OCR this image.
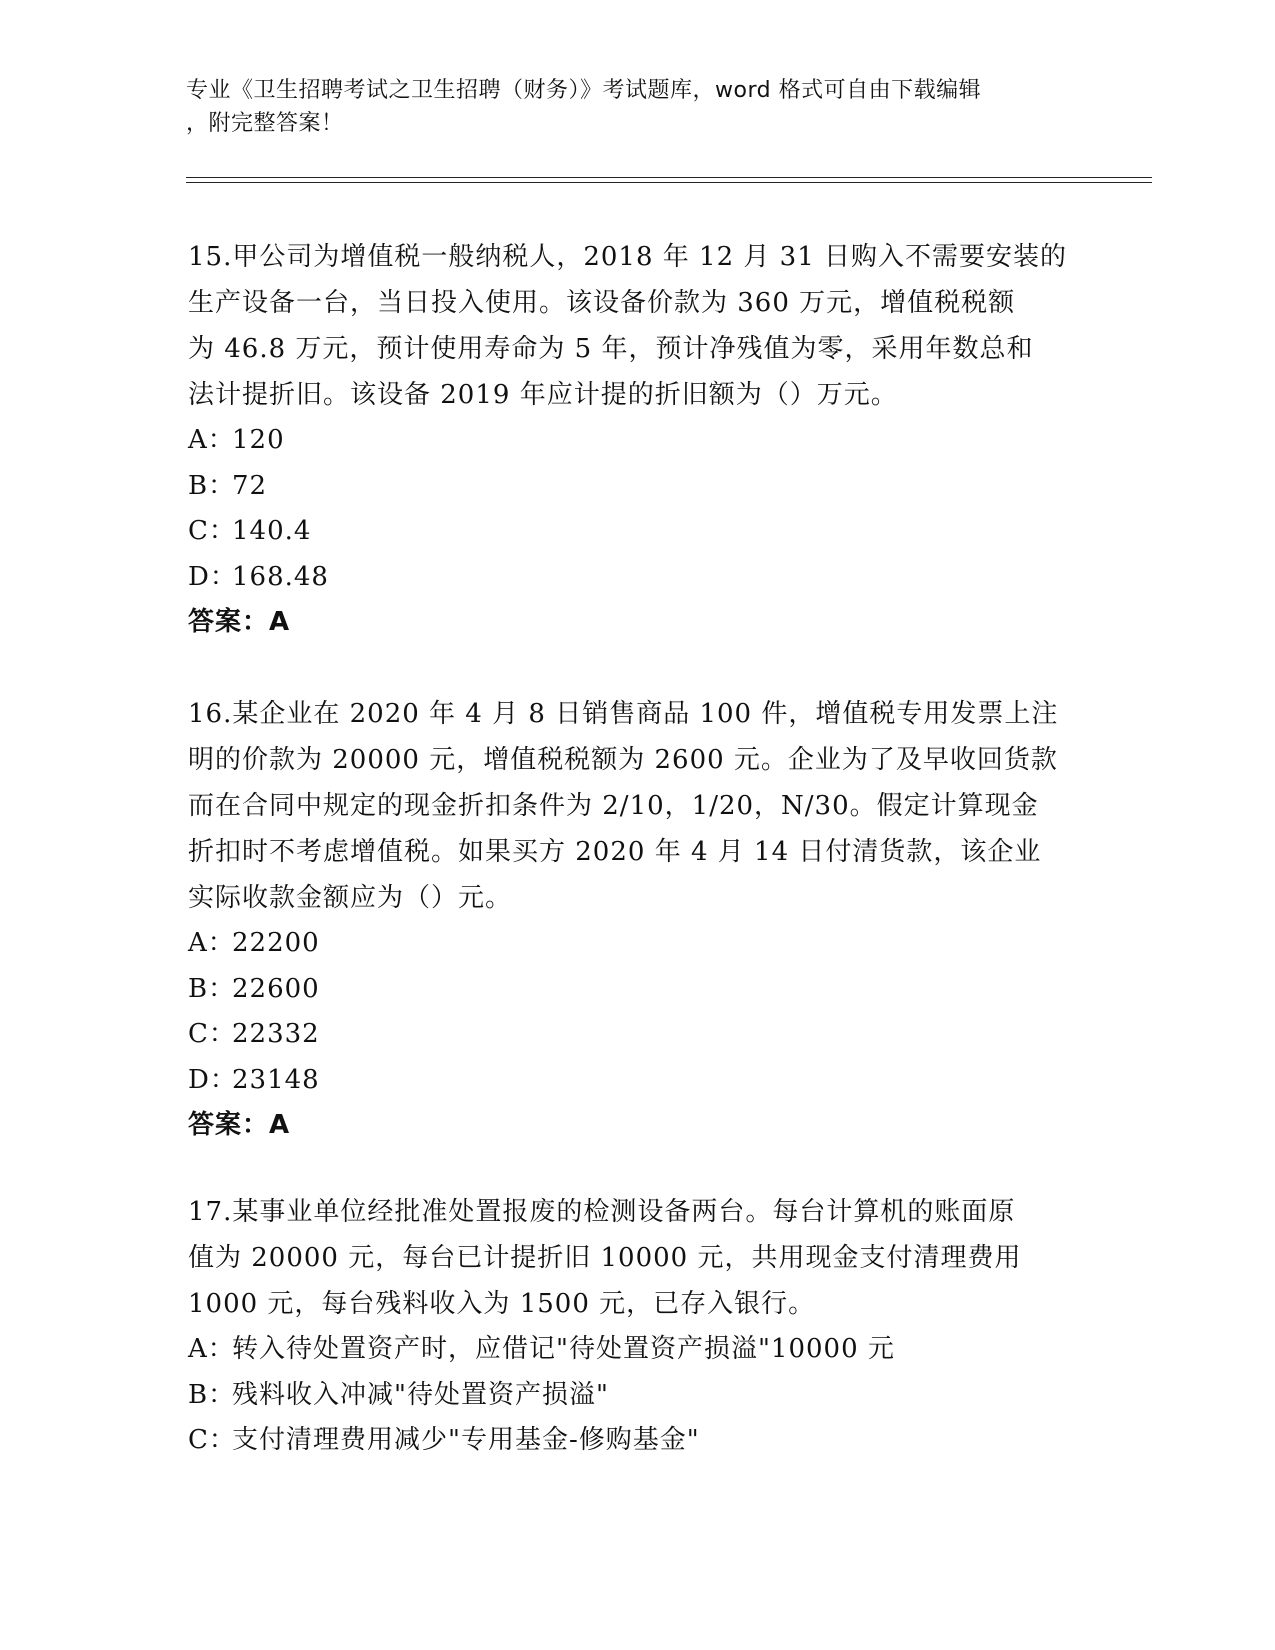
专业《卫生招聘考试之卫生招聘（财务）》考试题库，word 格式可自由下载编辑
，附完整答案！
15.甲公司为增值税一般纳税人，2018 年 12 月 31 日购入不需要安装的
生产设备一台，当日投入使用。该设备价款为 360 万元，增值税税额
为 46.8 万元，预计使用寿命为 5 年，预计净残值为零，采用年数总和
法计提折旧。该设备 2019 年应计提的折旧额为（）万元。
A：120
B：72
C：140.4
D：168.48
答案：A
16.某企业在 2020 年 4 月 8 日销售商品 100 件，增值税专用发票上注
明的价款为 20000 元，增值税税额为 2600 元。企业为了及早收回货款
而在合同中规定的现金折扣条件为 2/10，1/20，N/30。假定计算现金
折扣时不考虑增值税。如果买方 2020 年 4 月 14 日付清货款，该企业
实际收款金额应为（）元。
A：22200
B：22600
C：22332
D：23148
答案：A
17.某事业单位经批准处置报废的检测设备两台。每台计算机的账面原
值为 20000 元，每台已计提折旧 10000 元，共用现金支付清理费用
1000 元，每台残料收入为 1500 元，已存入银行。
A：转入待处置资产时，应借记"待处置资产损溢"10000 元
B：残料收入冲减"待处置资产损溢"
C：支付清理费用减少"专用基金-修购基金"
